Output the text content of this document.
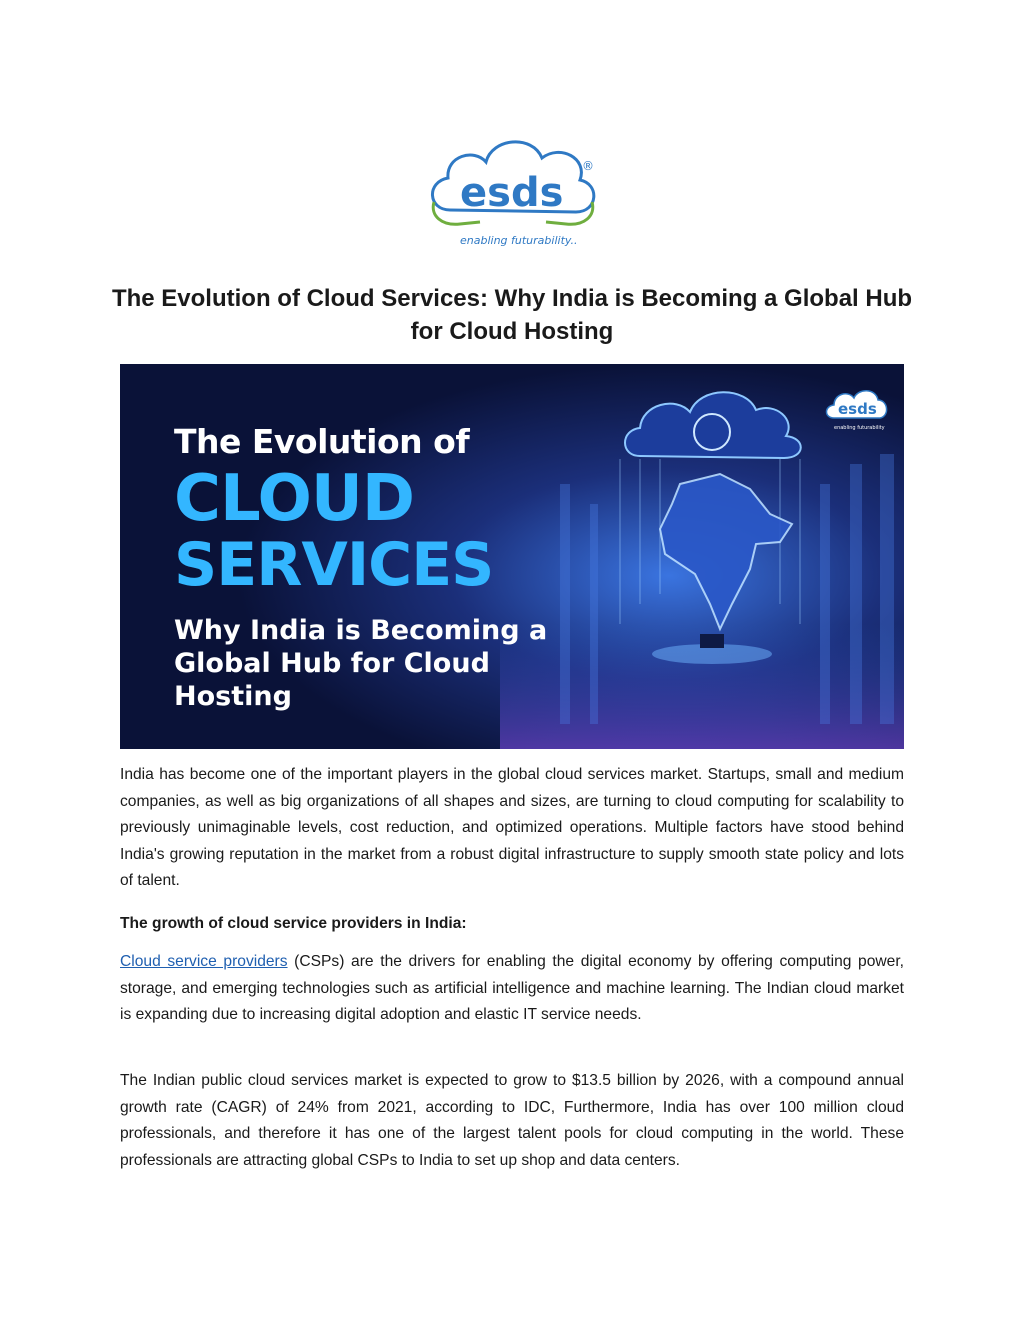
esds
®
enabling futurability..
The Evolution of Cloud Services: Why India is Becoming a Global Hub for Cloud Hosting
The Evolution of
CLOUD
SERVICES
Why India is Becoming a Global Hub for Cloud Hosting
esds
enabling futurability
India has become one of the important players in the global cloud services market. Startups, small and medium companies, as well as big organizations of all shapes and sizes, are turning to cloud computing for scalability to previously unimaginable levels, cost reduction, and optimized operations. Multiple factors have stood behind India's growing reputation in the market from a robust digital infrastructure to supply smooth state policy and lots of talent.
The growth of cloud service providers in India:
Cloud service providers (CSPs) are the drivers for enabling the digital economy by offering computing power, storage, and emerging technologies such as artificial intelligence and machine learning. The Indian cloud market is expanding due to increasing digital adoption and elastic IT service needs.
The Indian public cloud services market is expected to grow to $13.5 billion by 2026, with a compound annual growth rate (CAGR) of 24% from 2021, according to IDC, Furthermore, India has over 100 million cloud professionals, and therefore it has one of the largest talent pools for cloud computing in the world. These professionals are attracting global CSPs to India to set up shop and data centers.
